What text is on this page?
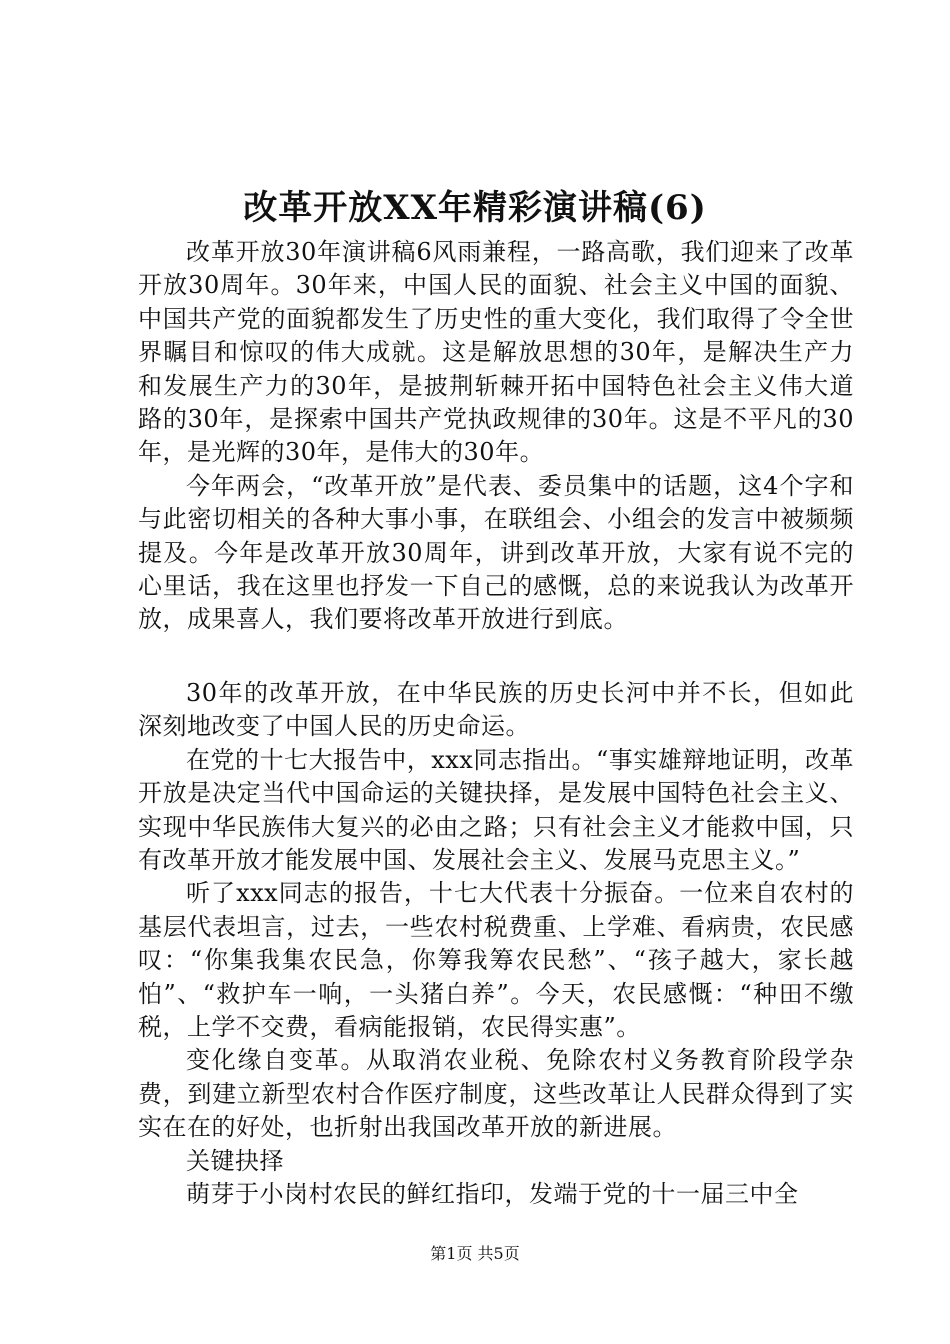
改革开放XX年精彩演讲稿(6)

改革开放30年演讲稿6风雨兼程，一路高歌，我们迎来了改革开放30周年。30年来，中国人民的面貌、社会主义中国的面貌、中国共产党的面貌都发生了历史性的重大变化，我们取得了令全世界瞩目和惊叹的伟大成就。这是解放思想的30年，是解决生产力和发展生产力的30年，是披荆斩棘开拓中国特色社会主义伟大道路的30年，是探索中国共产党执政规律的30年。这是不平凡的30年，是光辉的30年，是伟大的30年。

今年两会，“改革开放”是代表、委员集中的话题，这4个字和与此密切相关的各种大事小事，在联组会、小组会的发言中被频频提及。今年是改革开放30周年，讲到改革开放，大家有说不完的心里话，我在这里也抒发一下自己的感慨，总的来说我认为改革开放，成果喜人，我们要将改革开放进行到底。

30年的改革开放，在中华民族的历史长河中并不长，但如此深刻地改变了中国人民的历史命运。

在党的十七大报告中，xxx同志指出。“事实雄辩地证明，改革开放是决定当代中国命运的关键抉择，是发展中国特色社会主义、实现中华民族伟大复兴的必由之路；只有社会主义才能救中国，只有改革开放才能发展中国、发展社会主义、发展马克思主义。”

听了xxx同志的报告，十七大代表十分振奋。一位来自农村的基层代表坦言，过去，一些农村税费重、上学难、看病贵，农民感叹：“你集我集农民急，你筹我筹农民愁”、“孩子越大，家长越怕”、“救护车一响，一头猪白养”。今天，农民感慨：“种田不缴税，上学不交费，看病能报销，农民得实惠”。

变化缘自变革。从取消农业税、免除农村义务教育阶段学杂费，到建立新型农村合作医疗制度，这些改革让人民群众得到了实实在在的好处，也折射出我国改革开放的新进展。

关键抉择

萌芽于小岗村农民的鲜红指印，发端于党的十一届三中全

第1页 共5页
